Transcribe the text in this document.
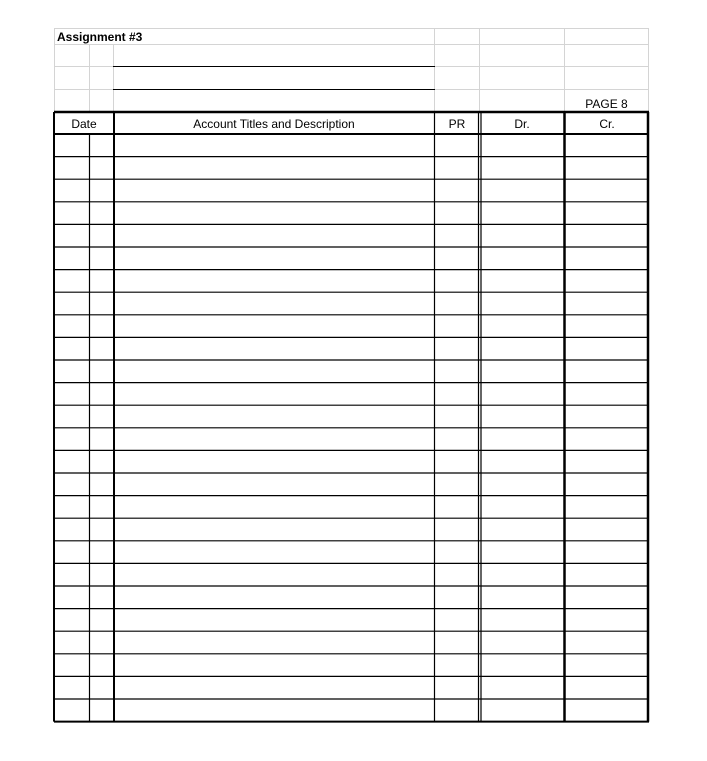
Assignment #3
PAGE 8
Date	Account Titles and Description	PR	Dr.	Cr.
